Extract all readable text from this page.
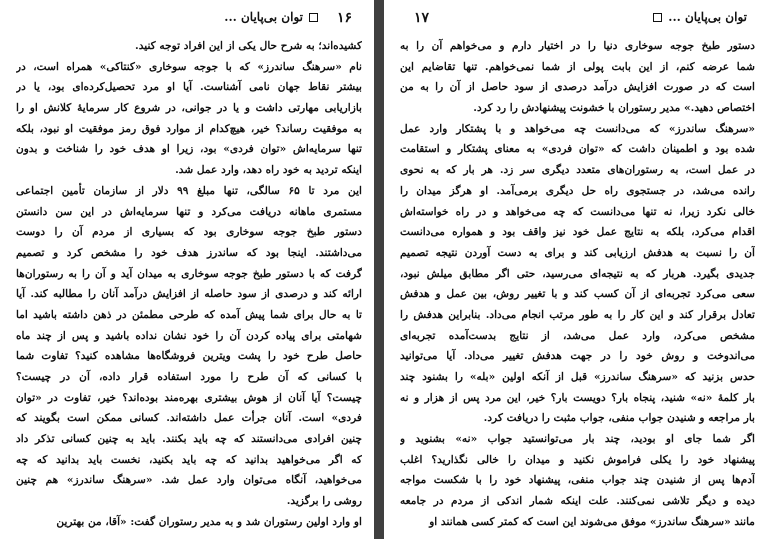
توان بی‌پایان ...
۱۷
دستور طبخ جوجه سوخاری دنیا را در اختیار دارم و می‌خواهم آن را به
شما عرضه کنم، از این بابت پولی از شما نمی‌خواهم. تنها تقاضایم این
است که در صورت افزایش درآمد درصدی از سود حاصل از آن را به من
اختصاص دهید.» مدیر رستوران با خشونت پیشنهادش را رد کرد.
«سرهنگ ساندرز» که می‌دانست چه می‌خواهد و با پشتکار وارد عمل
شده بود و اطمینان داشت که «توان فردی» به معنای پشتکار و استقامت
در عمل است، به رستوران‌های متعدد دیگری سر زد. هر بار که به نحوی
رانده می‌شد، در جستجوی راه حل دیگری برمی‌آمد. او هرگز میدان را
خالی نکرد زیرا، نه تنها می‌دانست که چه می‌خواهد و در راه خواسته‌اش
اقدام می‌کرد، بلکه به نتایج عمل خود نیز واقف بود و همواره می‌دانست
آن را نسبت به هدفش ارزیابی کند و برای به دست آوردن نتیجه تصمیم
جدیدی بگیرد. هربار که به نتیجه‌ای می‌رسید، حتی اگر مطابق میلش نبود،
سعی می‌کرد تجربه‌ای از آن کسب کند و با تغییر روش، بین عمل و هدفش
تعادل برقرار کند و این کار را به طور مرتب انجام می‌داد. بنابراین هدفش را
مشخص می‌کرد، وارد عمل می‌شد، از نتایج بدست‌آمده تجربه‌ای
می‌اندوخت و روش خود را در جهت هدفش تغییر می‌داد. آیا می‌توانید
حدس بزنید که «سرهنگ ساندرز» قبل از آنکه اولین «بله» را بشنود چند
بار کلمهٔ «نه» شنید، پنجاه بار؟ دویست بار؟ خیر، این مرد پس از هزار و نه
بار مراجعه و شنیدن جواب منفی، جواب مثبت را دریافت کرد.
اگر شما جای او بودید، چند بار می‌توانستید جواب «نه» بشنوید و
پیشنهاد خود را یکلی فراموش نکنید و میدان را خالی نگذارید؟ اغلب
آدم‌ها پس از شنیدن چند جواب منفی، پیشنهاد خود را با شکست مواجه
دیده و دیگر تلاشی نمی‌کنند. علت اینکه شمار اندکی از مردم در جامعه
مانند «سرهنگ ساندرز» موفق می‌شوند این است که کمتر کسی همانند او
۱۶
توان بی‌پایان ...
کشیده‌اند؛ به شرح حال یکی از این افراد توجه کنید.
نام «سرهنگ ساندرز» که با جوجه سوخاری «کنتاکی» همراه است، در
بیشتر نقاط جهان نامی آشناست. آیا او مرد تحصیل‌کرده‌ای بود، یا در
بازاریابی مهارتی داشت و یا در جوانی، در شروع کار سرمایهٔ کلانش او را
به موفقیت رساند؟ خیر، هیچ‌کدام از موارد فوق رمز موفقیت او نبود، بلکه
تنها سرمایه‌اش «توان فردی» بود، زیرا او هدف خود را شناخت و بدون
اینکه تردید به خود راه دهد، وارد عمل شد.
این مرد تا ۶۵ سالگی، تنها مبلغ ۹۹ دلار از سازمان تأمین اجتماعی
مستمری ماهانه دریافت می‌کرد و تنها سرمایه‌اش در این سن دانستن
دستور طبخ جوجه سوخاری بود که بسیاری از مردم آن را دوست
می‌داشتند. اینجا بود که ساندرز هدف خود را مشخص کرد و تصمیم
گرفت که با دستور طبخ جوجه سوخاری به میدان آید و آن را به رستوران‌ها
ارائه کند و درصدی از سود حاصله از افزایش درآمد آنان را مطالبه کند. آیا
تا به حال برای شما پیش آمده که طرحی مطمئن در ذهن داشته باشید اما
شهامتی برای پیاده کردن آن را خود نشان نداده باشید و پس از چند ماه
حاصل طرح خود را پشت ویترین فروشگاه‌ها مشاهده کنید؟ تفاوت شما
با کسانی که آن طرح را مورد استفاده قرار داده، آن در چیست؟
چیست؟ آیا آنان از هوش بیشتری بهره‌مند بوده‌اند؟ خیر، تفاوت در «توان
فردی» است. آنان جرأت عمل داشته‌اند. کسانی ممکن است بگویند که
چنین افرادی می‌دانستند که چه باید بکنند. باید به چنین کسانی تذکر داد
که اگر می‌خواهید بدانید که چه باید بکنید، نخست باید بدانید که چه
می‌خواهید، آنگاه می‌توان وارد عمل شد. «سرهنگ ساندرز» هم چنین
روشی را برگزید.
او وارد اولین رستوران شد و به مدیر رستوران گفت: «آقا، من بهترین
